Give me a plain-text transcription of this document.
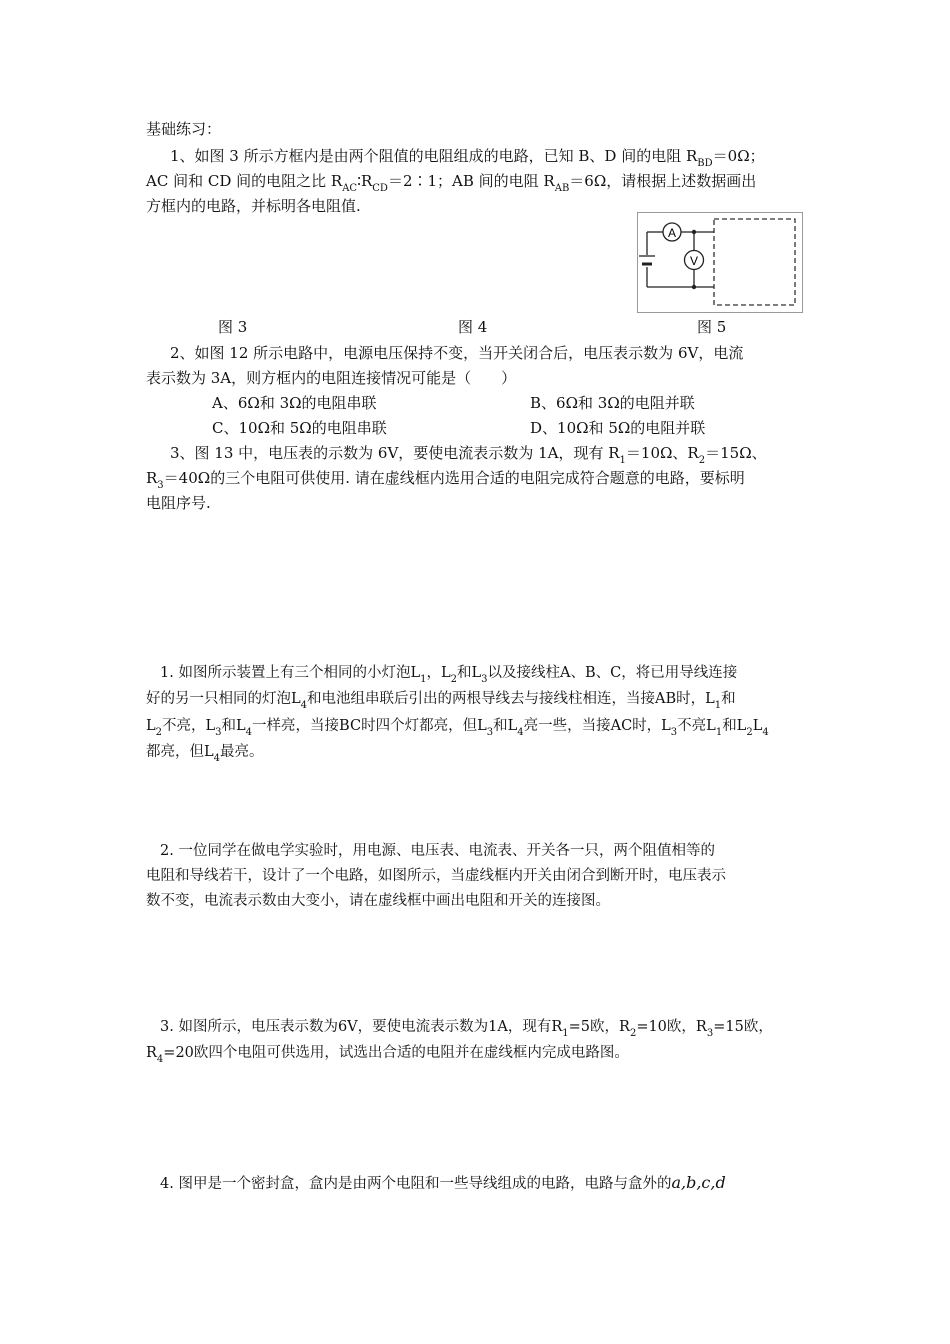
基础练习：
1、如图 3 所示方框内是由两个阻值的电阻组成的电路，已知 B、D 间的电阻 $R_{BD}=0\Omega$；
AC 间和 CD 间的电阻之比 $R_{AC}∶R_{CD}=2∶1$；AB 间的电阻 $R_{AB}=6\Omega$，请根据上述数据画出
方框内的电路，并标明各电阻值.
A
V
图 3	图 4	图 5
2、如图 12 所示电路中，电源电压保持不变，当开关闭合后，电压表示数为 6V，电流
表示数为 3A，则方框内的电阻连接情况可能是（　　）
A、6Ω和 3Ω的电阻串联	B、6Ω和 3Ω的电阻并联
C、10Ω和 5Ω的电阻串联	D、10Ω和 5Ω的电阻并联
3、图 13 中，电压表的示数为 6V，要使电流表示数为 1A，现有 $R_1=10\Omega$、$R_2=15\Omega$、
$R_3=40\Omega$的三个电阻可供使用. 请在虚线框内选用合适的电阻完成符合题意的电路，要标明
电阻序号.
1. 如图所示装置上有三个相同的小灯泡$L_1$，$L_2$和$L_3$以及接线柱A、B、C，将已用导线连接
好的另一只相同的灯泡$L_4$和电池组串联后引出的两根导线去与接线柱相连，当接AB时，$L_1$和
$L_2$不亮，$L_3$和$L_4$一样亮，当接BC时四个灯都亮，但$L_3$和$L_4$亮一些，当接AC时，$L_3$不亮$L_1$和$L_2L_4$
都亮，但$L_4$最亮。
2. 一位同学在做电学实验时，用电源、电压表、电流表、开关各一只，两个阻值相等的
电阻和导线若干，设计了一个电路，如图所示，当虚线框内开关由闭合到断开时，电压表示
数不变，电流表示数由大变小，请在虚线框中画出电阻和开关的连接图。
3. 如图所示，电压表示数为6V，要使电流表示数为1A，现有$R_1=5$欧，$R_2=10$欧，$R_3=15$欧，
$R_4=20$欧四个电阻可供选用，试选出合适的电阻并在虚线框内完成电路图。
4. 图甲是一个密封盒，盒内是由两个电阻和一些导线组成的电路，电路与盒外的a,b,c,d
